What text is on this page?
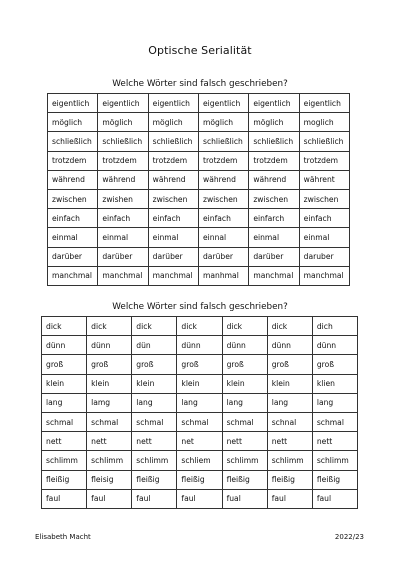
Optische Serialität
Welche Wörter sind falsch geschrieben?
eigentlich	eigentlich	eigentlich	eigentlich	eigentlich	eigentlich
möglich	möglich	möglich	möglich	möglich	moglich
schließlich	schließlich	schließlich	schließlich	schließlich	schließlich
trotzdem	trotzdem	trotzdem	trotzdem	trotzdem	trotzdem
während	während	während	während	während	währent
zwischen	zwishen	zwischen	zwischen	zwischen	zwischen
einfach	einfach	einfach	einfach	einfarch	einfach
einmal	einmal	einmal	einnal	einmal	einmal
darüber	darüber	darüber	darüber	darüber	daruber
manchmal	manchmal	manchmal	manhmal	manchmal	manchmal
Welche Wörter sind falsch geschrieben?
dick	dick	dick	dick	dick	dick	dich
dünn	dünn	dün	dünn	dünn	dünn	dünn
groß	groß	groß	groß	groß	groß	groß
klein	klein	klein	klein	klein	klein	klien
lang	lamg	lang	lang	lang	lang	lang
schmal	schmal	schmal	schmal	schmal	schnal	schmal
nett	nett	nett	net	nett	nett	nett
schlimm	schlimm	schlimm	schliem	schlimm	schlimm	schlimm
fleißig	fleisig	fleißig	fleißig	fleißig	fleißig	fleißig
faul	faul	faul	faul	fual	faul	faul
Elisabeth Macht	2022/23
